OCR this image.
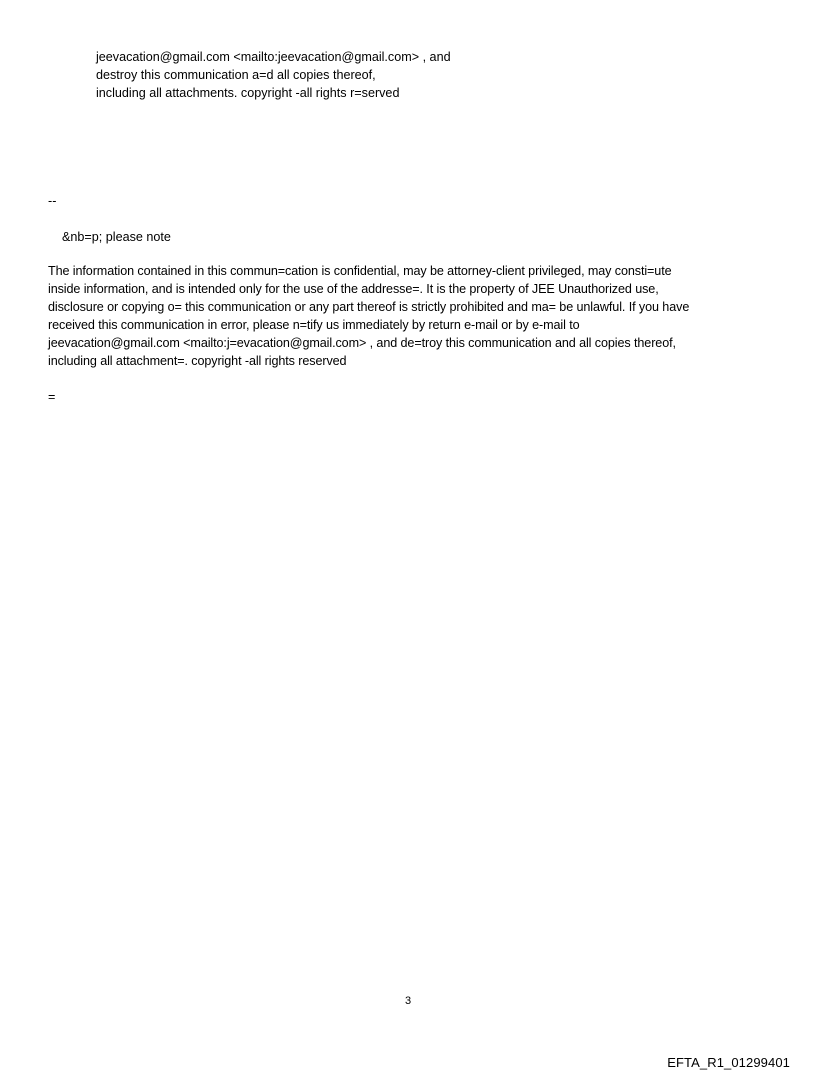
jeevacation@gmail.com <mailto:jeevacation@gmail.com> , and
destroy this communication a=d all copies thereof,
including all attachments. copyright -all rights r=served
--
&nb=p; please note
The information contained in this commun=cation is confidential, may be attorney-client privileged, may consti=ute
inside information, and is intended only for the use of the addresse=. It is the property of JEE Unauthorized use,
disclosure or copying o= this communication or any part thereof is strictly prohibited and ma= be unlawful. If you have
received this communication in error, please n=tify us immediately by return e-mail or by e-mail to
jeevacation@gmail.com <mailto:j=evacation@gmail.com> , and de=troy this communication and all copies thereof,
including all attachment=. copyright -all rights reserved
=
3
EFTA_R1_01299401
